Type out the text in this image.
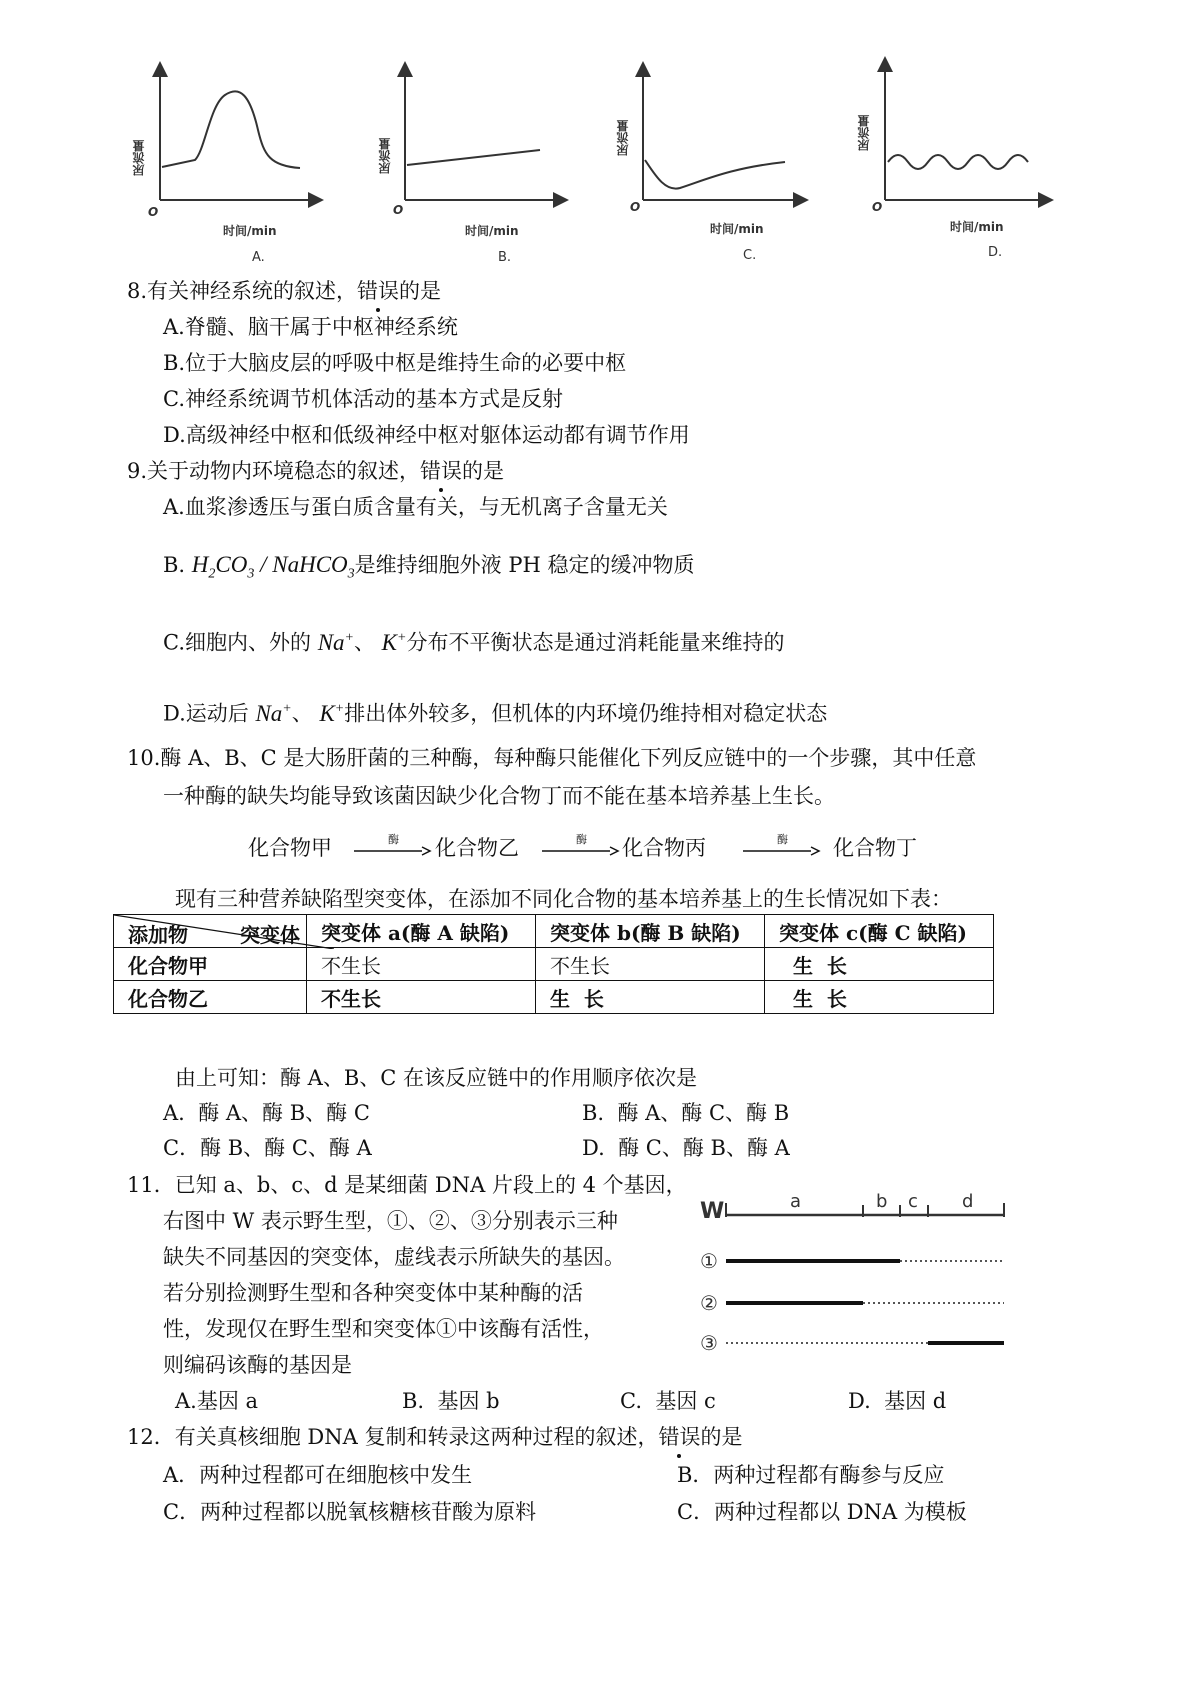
尿流量	尿流量	尿流量	尿流量
O	O	O	O
时间/min	时间/min	时间/min	时间/min
A.	B.	C.	D.
8.有关神经系统的叙述，错误的是
A.脊髓、脑干属于中枢神经系统
B.位于大脑皮层的呼吸中枢是维持生命的必要中枢
C.神经系统调节机体活动的基本方式是反射
D.高级神经中枢和低级神经中枢对躯体运动都有调节作用
9.关于动物内环境稳态的叙述，错误的是
A.血浆渗透压与蛋白质含量有关，与无机离子含量无关
B. $H_2CO_3$ / NaHCO$_3$是维持细胞外液 PH 稳定的缓冲物质
C.细胞内、外的 Na+、 K+分布不平衡状态是通过消耗能量来维持的
D.运动后 Na+、 K+排出体外较多，但机体的内环境仍维持相对稳定状态
10.酶 A、B、C 是大肠肝菌的三种酶，每种酶只能催化下列反应链中的一个步骤，其中任意
一种酶的缺失均能导致该菌因缺少化合物丁而不能在基本培养基上生长。
化合物甲	酶 化合物乙	酶 化合物丙	酶 化合物丁
现有三种营养缺陷型突变体，在添加不同化合物的基本培养基上的生长情况如下表：
添加物 突变体	突变体 a(酶 A 缺陷)	突变体 b(酶 B 缺陷)	突变体 c(酶 C 缺陷)
化合物甲	不生长	不生长	生  长
化合物乙	不生长	生  长	生  长
由上可知：酶 A、B、C 在该反应链中的作用顺序依次是
A.  酶 A、酶 B、酶 C	B.  酶 A、酶 C、酶 B
C．酶 B、酶 C、酶 A	D.  酶 C、酶 B、酶 A
11．已知 a、b、c、d 是某细菌 DNA 片段上的 4 个基因，
右图中 W 表示野生型，①、②、③分别表示三种
缺失不同基因的突变体，虚线表示所缺失的基因。
若分别捡测野生型和各种突变体中某种酶的活
性，发现仅在野生型和突变体①中该酶有活性，
则编码该酶的基因是
W	a	b c d
①
②
③
A.基因 a	B.  基因 b	C.  基因 c	D.  基因 d
12．有关真核细胞 DNA 复制和转录这两种过程的叙述，错误的是
A．两种过程都可在细胞核中发生	B．两种过程都有酶参与反应
C．两种过程都以脱氧核糖核苷酸为原料	C．两种过程都以 DNA 为模板
